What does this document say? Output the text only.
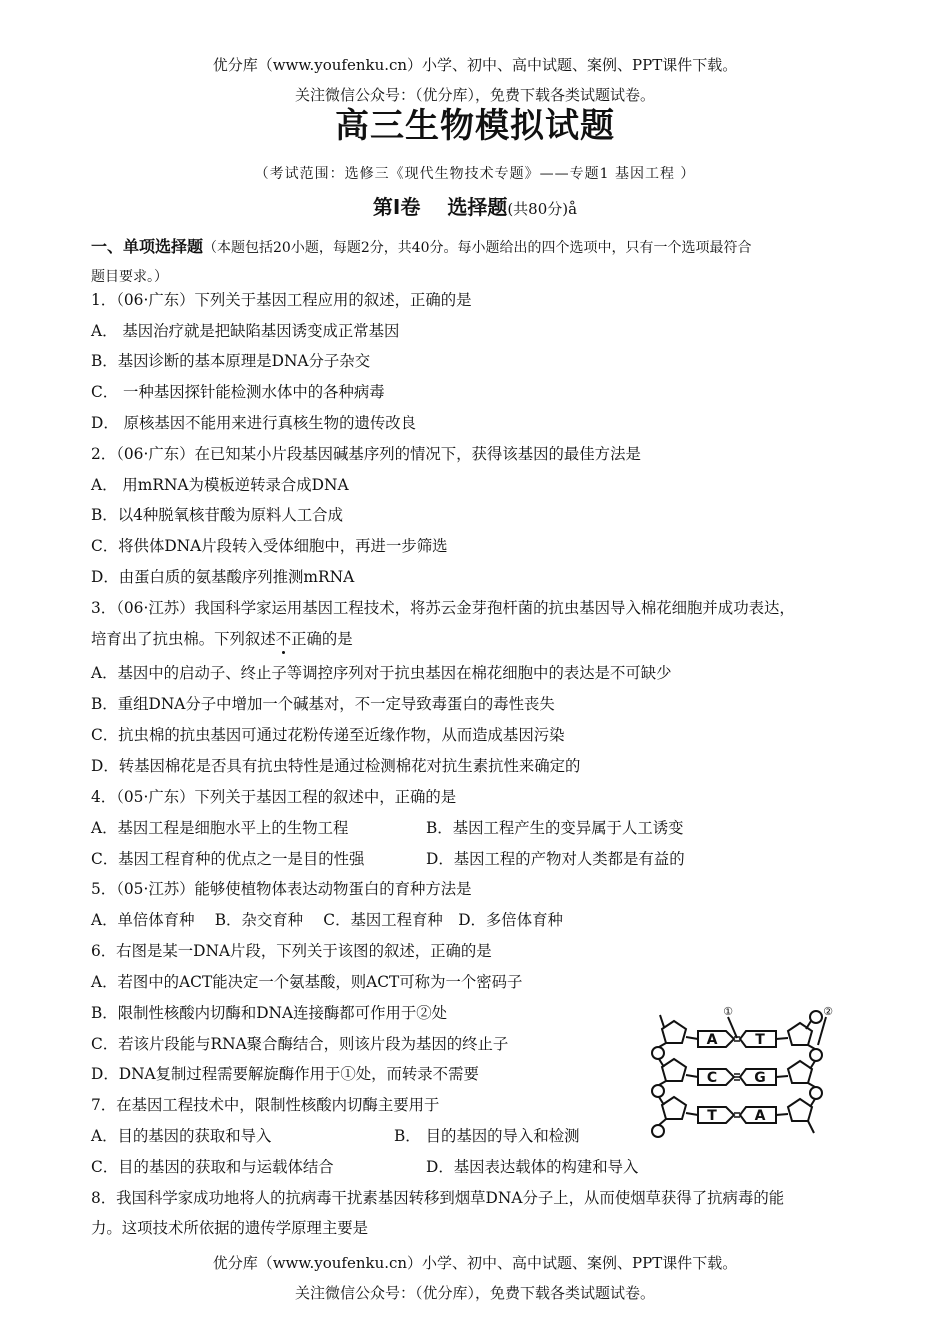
优分库（www.youfenku.cn）小学、初中、高中试题、案例、PPT课件下载。
关注微信公众号：（优分库），免费下载各类试题试卷。
高三生物模拟试题
（考试范围：选修三《现代生物技术专题》——专题1 基因工程 ）
第Ⅰ卷　 选择题(共80分)å
一、单项选择题（本题包括20小题，每题2分，共40分。每小题给出的四个选项中，只有一个选项最符合
题目要求。）
1．（06·广东）下列关于基因工程应用的叙述，正确的是
A． 基因治疗就是把缺陷基因诱变成正常基因
B．基因诊断的基本原理是DNA分子杂交
C． 一种基因探针能检测水体中的各种病毒
D． 原核基因不能用来进行真核生物的遗传改良
2．（06·广东）在已知某小片段基因碱基序列的情况下，获得该基因的最佳方法是
A． 用mRNA为模板逆转录合成DNA
B．以4种脱氧核苷酸为原料人工合成
C．将供体DNA片段转入受体细胞中，再进一步筛选
D．由蛋白质的氨基酸序列推测mRNA
3．（06·江苏）我国科学家运用基因工程技术，将苏云金芽孢杆菌的抗虫基因导入棉花细胞并成功表达，
培育出了抗虫棉。下列叙述不正确的是
A．基因中的启动子、终止子等调控序列对于抗虫基因在棉花细胞中的表达是不可缺少
B．重组DNA分子中增加一个碱基对，不一定导致毒蛋白的毒性丧失
C．抗虫棉的抗虫基因可通过花粉传递至近缘作物，从而造成基因污染
D．转基因棉花是否具有抗虫特性是通过检测棉花对抗生素抗性来确定的
4．（05·广东）下列关于基因工程的叙述中，正确的是
A．基因工程是细胞水平上的生物工程	B．基因工程产生的变异属于人工诱变
C．基因工程育种的优点之一是目的性强	D．基因工程的产物对人类都是有益的
5．（05·江苏）能够使植物体表达动物蛋白的育种方法是
A．单倍体育种　 B．杂交育种　 C．基因工程育种　D．多倍体育种
6．右图是某一DNA片段，下列关于该图的叙述，正确的是
A．若图中的ACT能决定一个氨基酸，则ACT可称为一个密码子
B．限制性核酸内切酶和DNA连接酶都可作用于②处
C．若该片段能与RNA聚合酶结合，则该片段为基因的终止子
D．DNA复制过程需要解旋酶作用于①处，而转录不需要
7．在基因工程技术中，限制性核酸内切酶主要用于
A．目的基因的获取和导入	B． 目的基因的导入和检测
C．目的基因的获取和与运载体结合	D．基因表达载体的构建和导入
8．我国科学家成功地将人的抗病毒干扰素基因转移到烟草DNA分子上，从而使烟草获得了抗病毒的能
力。这项技术所依据的遗传学原理主要是
A	T
C	G
T	A
①	②
优分库（www.youfenku.cn）小学、初中、高中试题、案例、PPT课件下载。
关注微信公众号：（优分库），免费下载各类试题试卷。
